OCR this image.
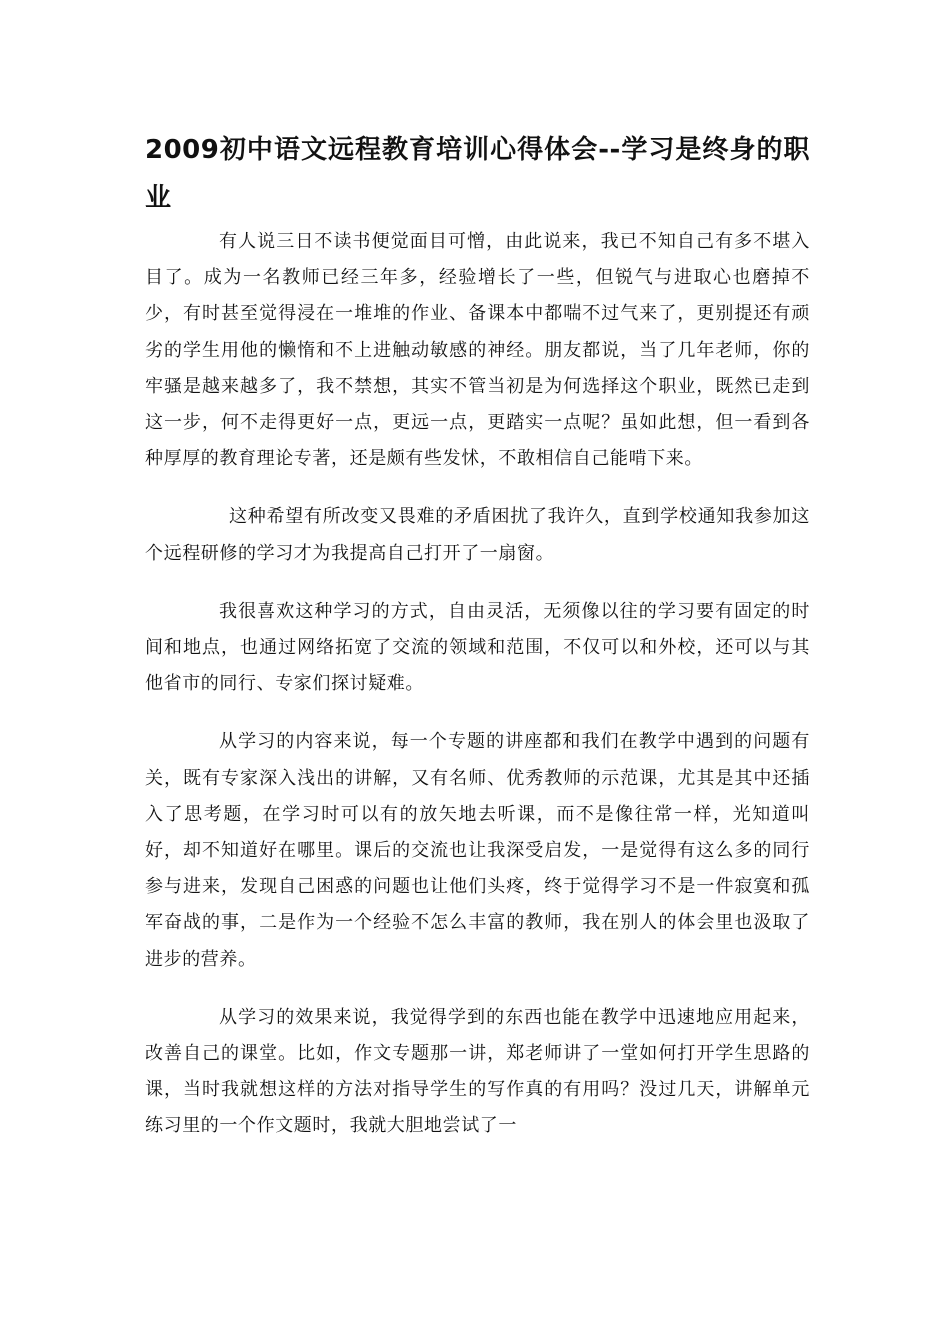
2009初中语文远程教育培训心得体会--学习是终身的职业

有人说三日不读书便觉面目可憎，由此说来，我已不知自己有多不堪入目了。成为一名教师已经三年多，经验增长了一些，但锐气与进取心也磨掉不少，有时甚至觉得浸在一堆堆的作业、备课本中都喘不过气来了，更别提还有顽劣的学生用他的懒惰和不上进触动敏感的神经。朋友都说，当了几年老师，你的牢骚是越来越多了，我不禁想，其实不管当初是为何选择这个职业，既然已走到这一步，何不走得更好一点，更远一点，更踏实一点呢？虽如此想，但一看到各种厚厚的教育理论专著，还是颇有些发怵，不敢相信自己能啃下来。

这种希望有所改变又畏难的矛盾困扰了我许久，直到学校通知我参加这个远程研修的学习才为我提高自己打开了一扇窗。

我很喜欢这种学习的方式，自由灵活，无须像以往的学习要有固定的时间和地点，也通过网络拓宽了交流的领域和范围，不仅可以和外校，还可以与其他省市的同行、专家们探讨疑难。

从学习的内容来说，每一个专题的讲座都和我们在教学中遇到的问题有关，既有专家深入浅出的讲解，又有名师、优秀教师的示范课，尤其是其中还插入了思考题，在学习时可以有的放矢地去听课，而不是像往常一样，光知道叫好，却不知道好在哪里。课后的交流也让我深受启发，一是觉得有这么多的同行参与进来，发现自己困惑的问题也让他们头疼，终于觉得学习不是一件寂寞和孤军奋战的事，二是作为一个经验不怎么丰富的教师，我在别人的体会里也汲取了进步的营养。

从学习的效果来说，我觉得学到的东西也能在教学中迅速地应用起来，改善自己的课堂。比如，作文专题那一讲，郑老师讲了一堂如何打开学生思路的课，当时我就想这样的方法对指导学生的写作真的有用吗？没过几天，讲解单元练习里的一个作文题时，我就大胆地尝试了一
